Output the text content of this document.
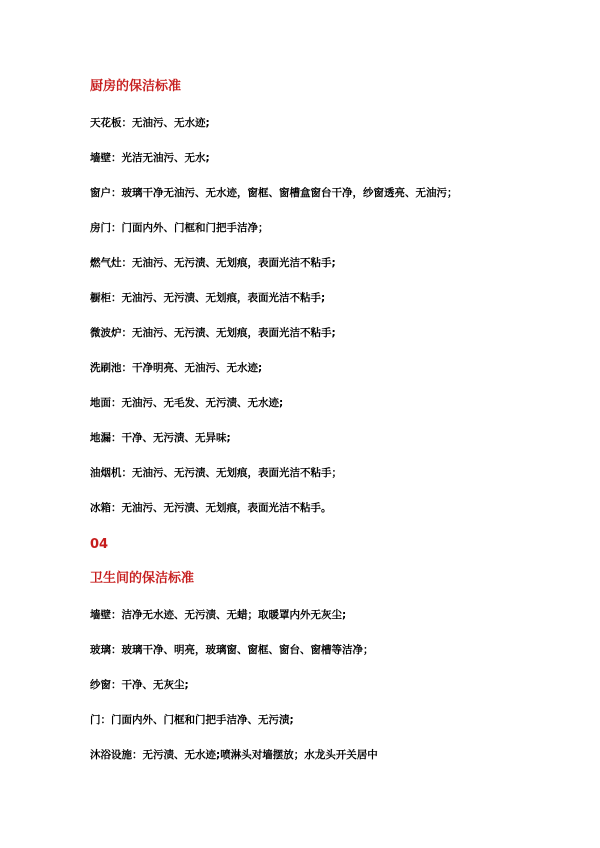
厨房的保洁标准
天花板：无油污、无水迹;
墙壁：光洁无油污、无水;
窗户：玻璃干净无油污、无水迹，窗框、窗槽盒窗台干净，纱窗透亮、无油污；
房门：门面内外、门框和门把手洁净；
燃气灶：无油污、无污渍、无划痕，表面光洁不粘手;
橱柜：无油污、无污渍、无划痕，表面光洁不粘手;
微波炉：无油污、无污渍、无划痕，表面光洁不粘手;
洗刷池：干净明亮、无油污、无水迹;
地面：无油污、无毛发、无污渍、无水迹;
地漏：干净、无污渍、无异味;
油烟机：无油污、无污渍、无划痕，表面光洁不粘手；
冰箱：无油污、无污渍、无划痕，表面光洁不粘手。
04
卫生间的保洁标准
墙壁：洁净无水迹、无污渍、无蜡；取暖罩内外无灰尘;
玻璃：玻璃干净、明亮，玻璃窗、窗框、窗台、窗槽等洁净；
纱窗：干净、无灰尘;
门：门面内外、门框和门把手洁净、无污渍;
沐浴设施：无污渍、无水迹;喷淋头对墙摆放；水龙头开关居中
